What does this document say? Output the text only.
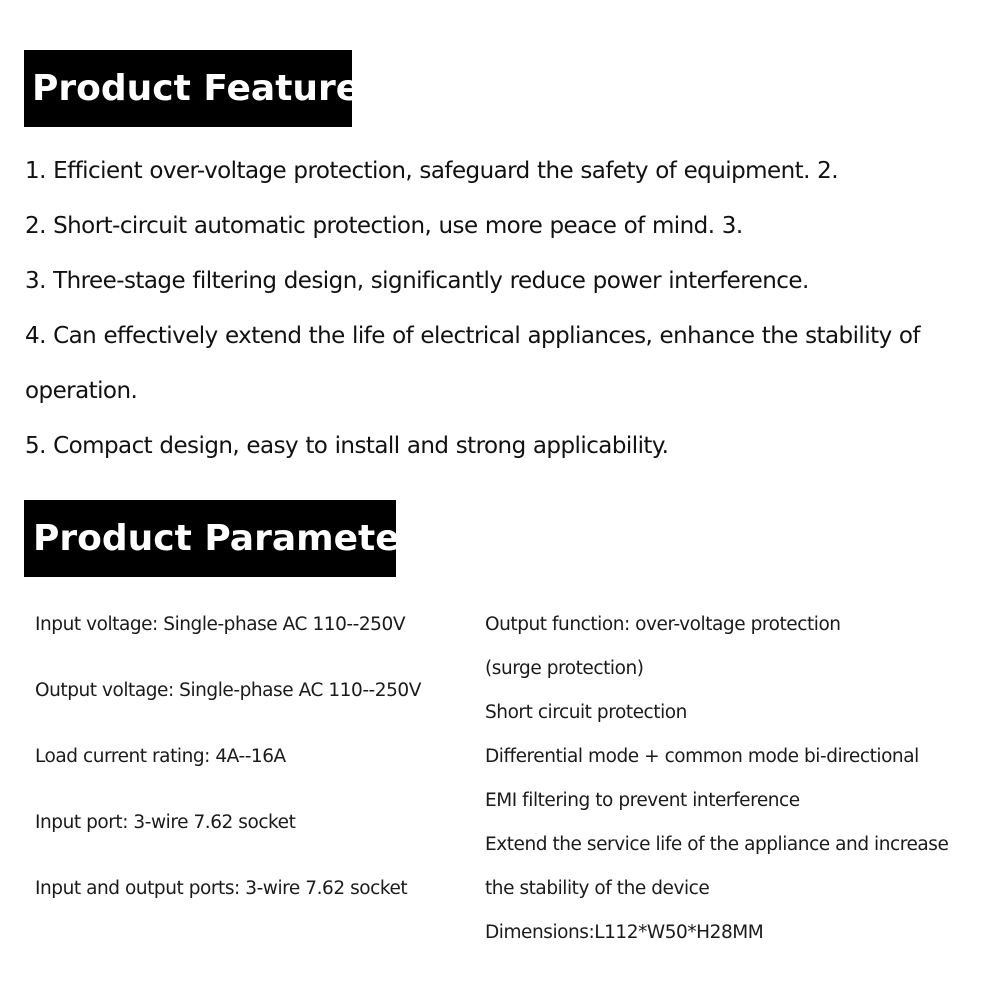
Product Features
1. Efficient over-voltage protection, safeguard the safety of equipment. 2.
2. Short-circuit automatic protection, use more peace of mind. 3.
3. Three-stage filtering design, significantly reduce power interference.
4. Can effectively extend the life of electrical appliances, enhance the stability of
operation.
5. Compact design, easy to install and strong applicability.
Product Parameter
Input voltage: Single-phase AC 110--250V
Output voltage: Single-phase AC 110--250V
Load current rating: 4A--16A
Input port: 3-wire 7.62 socket
Input and output ports: 3-wire 7.62 socket
Output function: over-voltage protection
(surge protection)
Short circuit protection
Differential mode + common mode bi-directional
EMI filtering to prevent interference
Extend the service life of the appliance and increase
the stability of the device
Dimensions:L112*W50*H28MM
